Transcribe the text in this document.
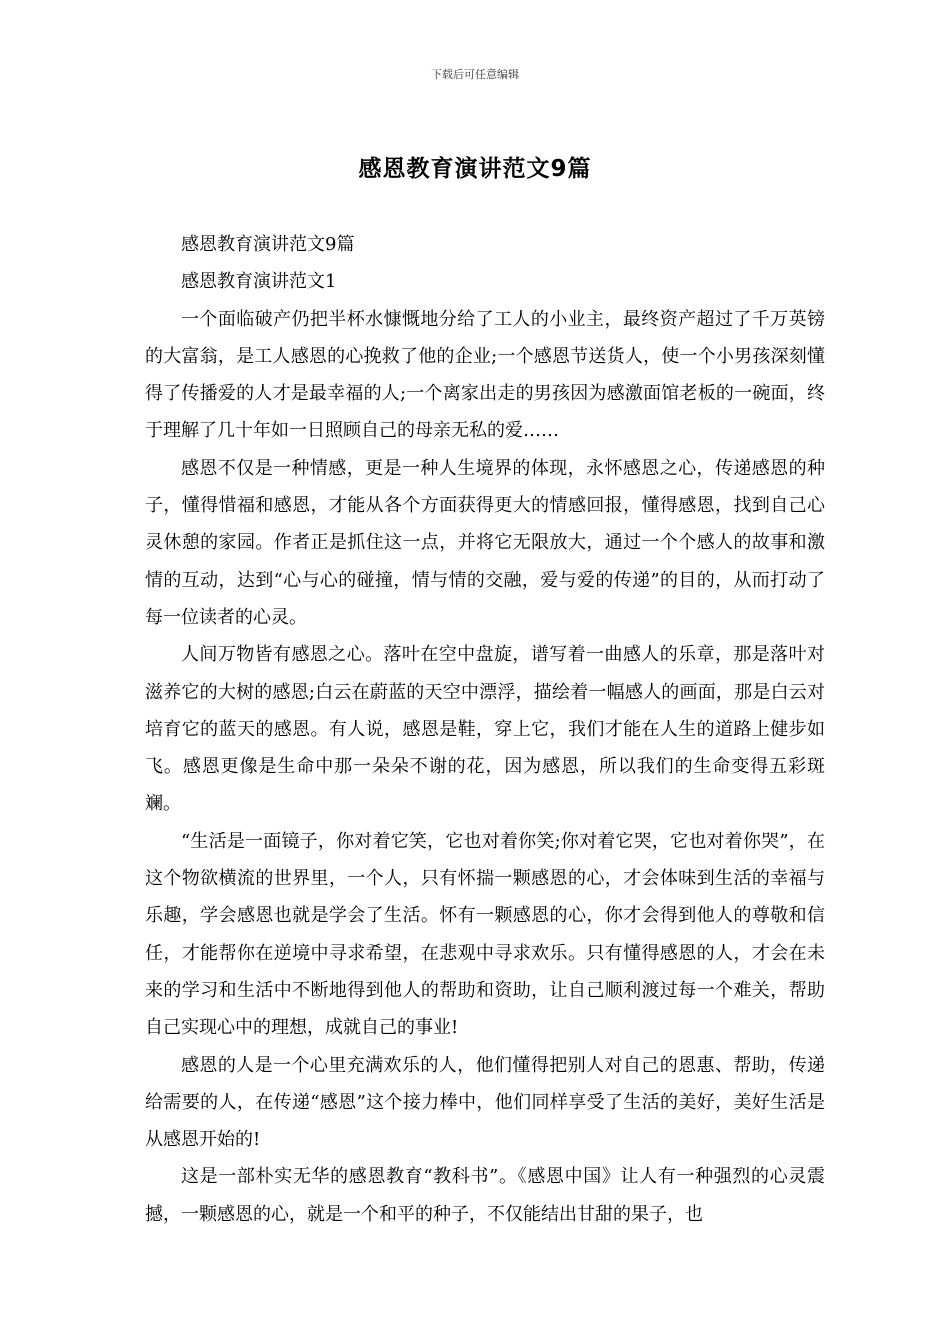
下载后可任意编辑
感恩教育演讲范文9篇

感恩教育演讲范文9篇

感恩教育演讲范文1

一个面临破产仍把半杯水慷慨地分给了工人的小业主，最终资产超过了千万英镑的大富翁，是工人感恩的心挽救了他的企业;一个感恩节送货人，使一个小男孩深刻懂得了传播爱的人才是最幸福的人;一个离家出走的男孩因为感激面馆老板的一碗面，终于理解了几十年如一日照顾自己的母亲无私的爱……

感恩不仅是一种情感，更是一种人生境界的体现，永怀感恩之心，传递感恩的种子，懂得惜福和感恩，才能从各个方面获得更大的情感回报，懂得感恩，找到自己心灵休憩的家园。作者正是抓住这一点，并将它无限放大，通过一个个感人的故事和激情的互动，达到“心与心的碰撞，情与情的交融，爱与爱的传递”的目的，从而打动了每一位读者的心灵。

人间万物皆有感恩之心。落叶在空中盘旋，谱写着一曲感人的乐章，那是落叶对滋养它的大树的感恩;白云在蔚蓝的天空中漂浮，描绘着一幅感人的画面，那是白云对培育它的蓝天的感恩。有人说，感恩是鞋，穿上它，我们才能在人生的道路上健步如飞。感恩更像是生命中那一朵朵不谢的花，因为感恩，所以我们的生命变得五彩斑斓。

“生活是一面镜子，你对着它笑，它也对着你笑;你对着它哭，它也对着你哭”，在这个物欲横流的世界里，一个人，只有怀揣一颗感恩的心，才会体味到生活的幸福与乐趣，学会感恩也就是学会了生活。怀有一颗感恩的心，你才会得到他人的尊敬和信任，才能帮你在逆境中寻求希望，在悲观中寻求欢乐。只有懂得感恩的人，才会在未来的学习和生活中不断地得到他人的帮助和资助，让自己顺利渡过每一个难关，帮助自己实现心中的理想，成就自己的事业!

感恩的人是一个心里充满欢乐的人，他们懂得把别人对自己的恩惠、帮助，传递给需要的人，在传递“感恩”这个接力棒中，他们同样享受了生活的美好，美好生活是从感恩开始的!

这是一部朴实无华的感恩教育“教科书”。《感恩中国》让人有一种强烈的心灵震撼，一颗感恩的心，就是一个和平的种子，不仅能结出甘甜的果子，也
